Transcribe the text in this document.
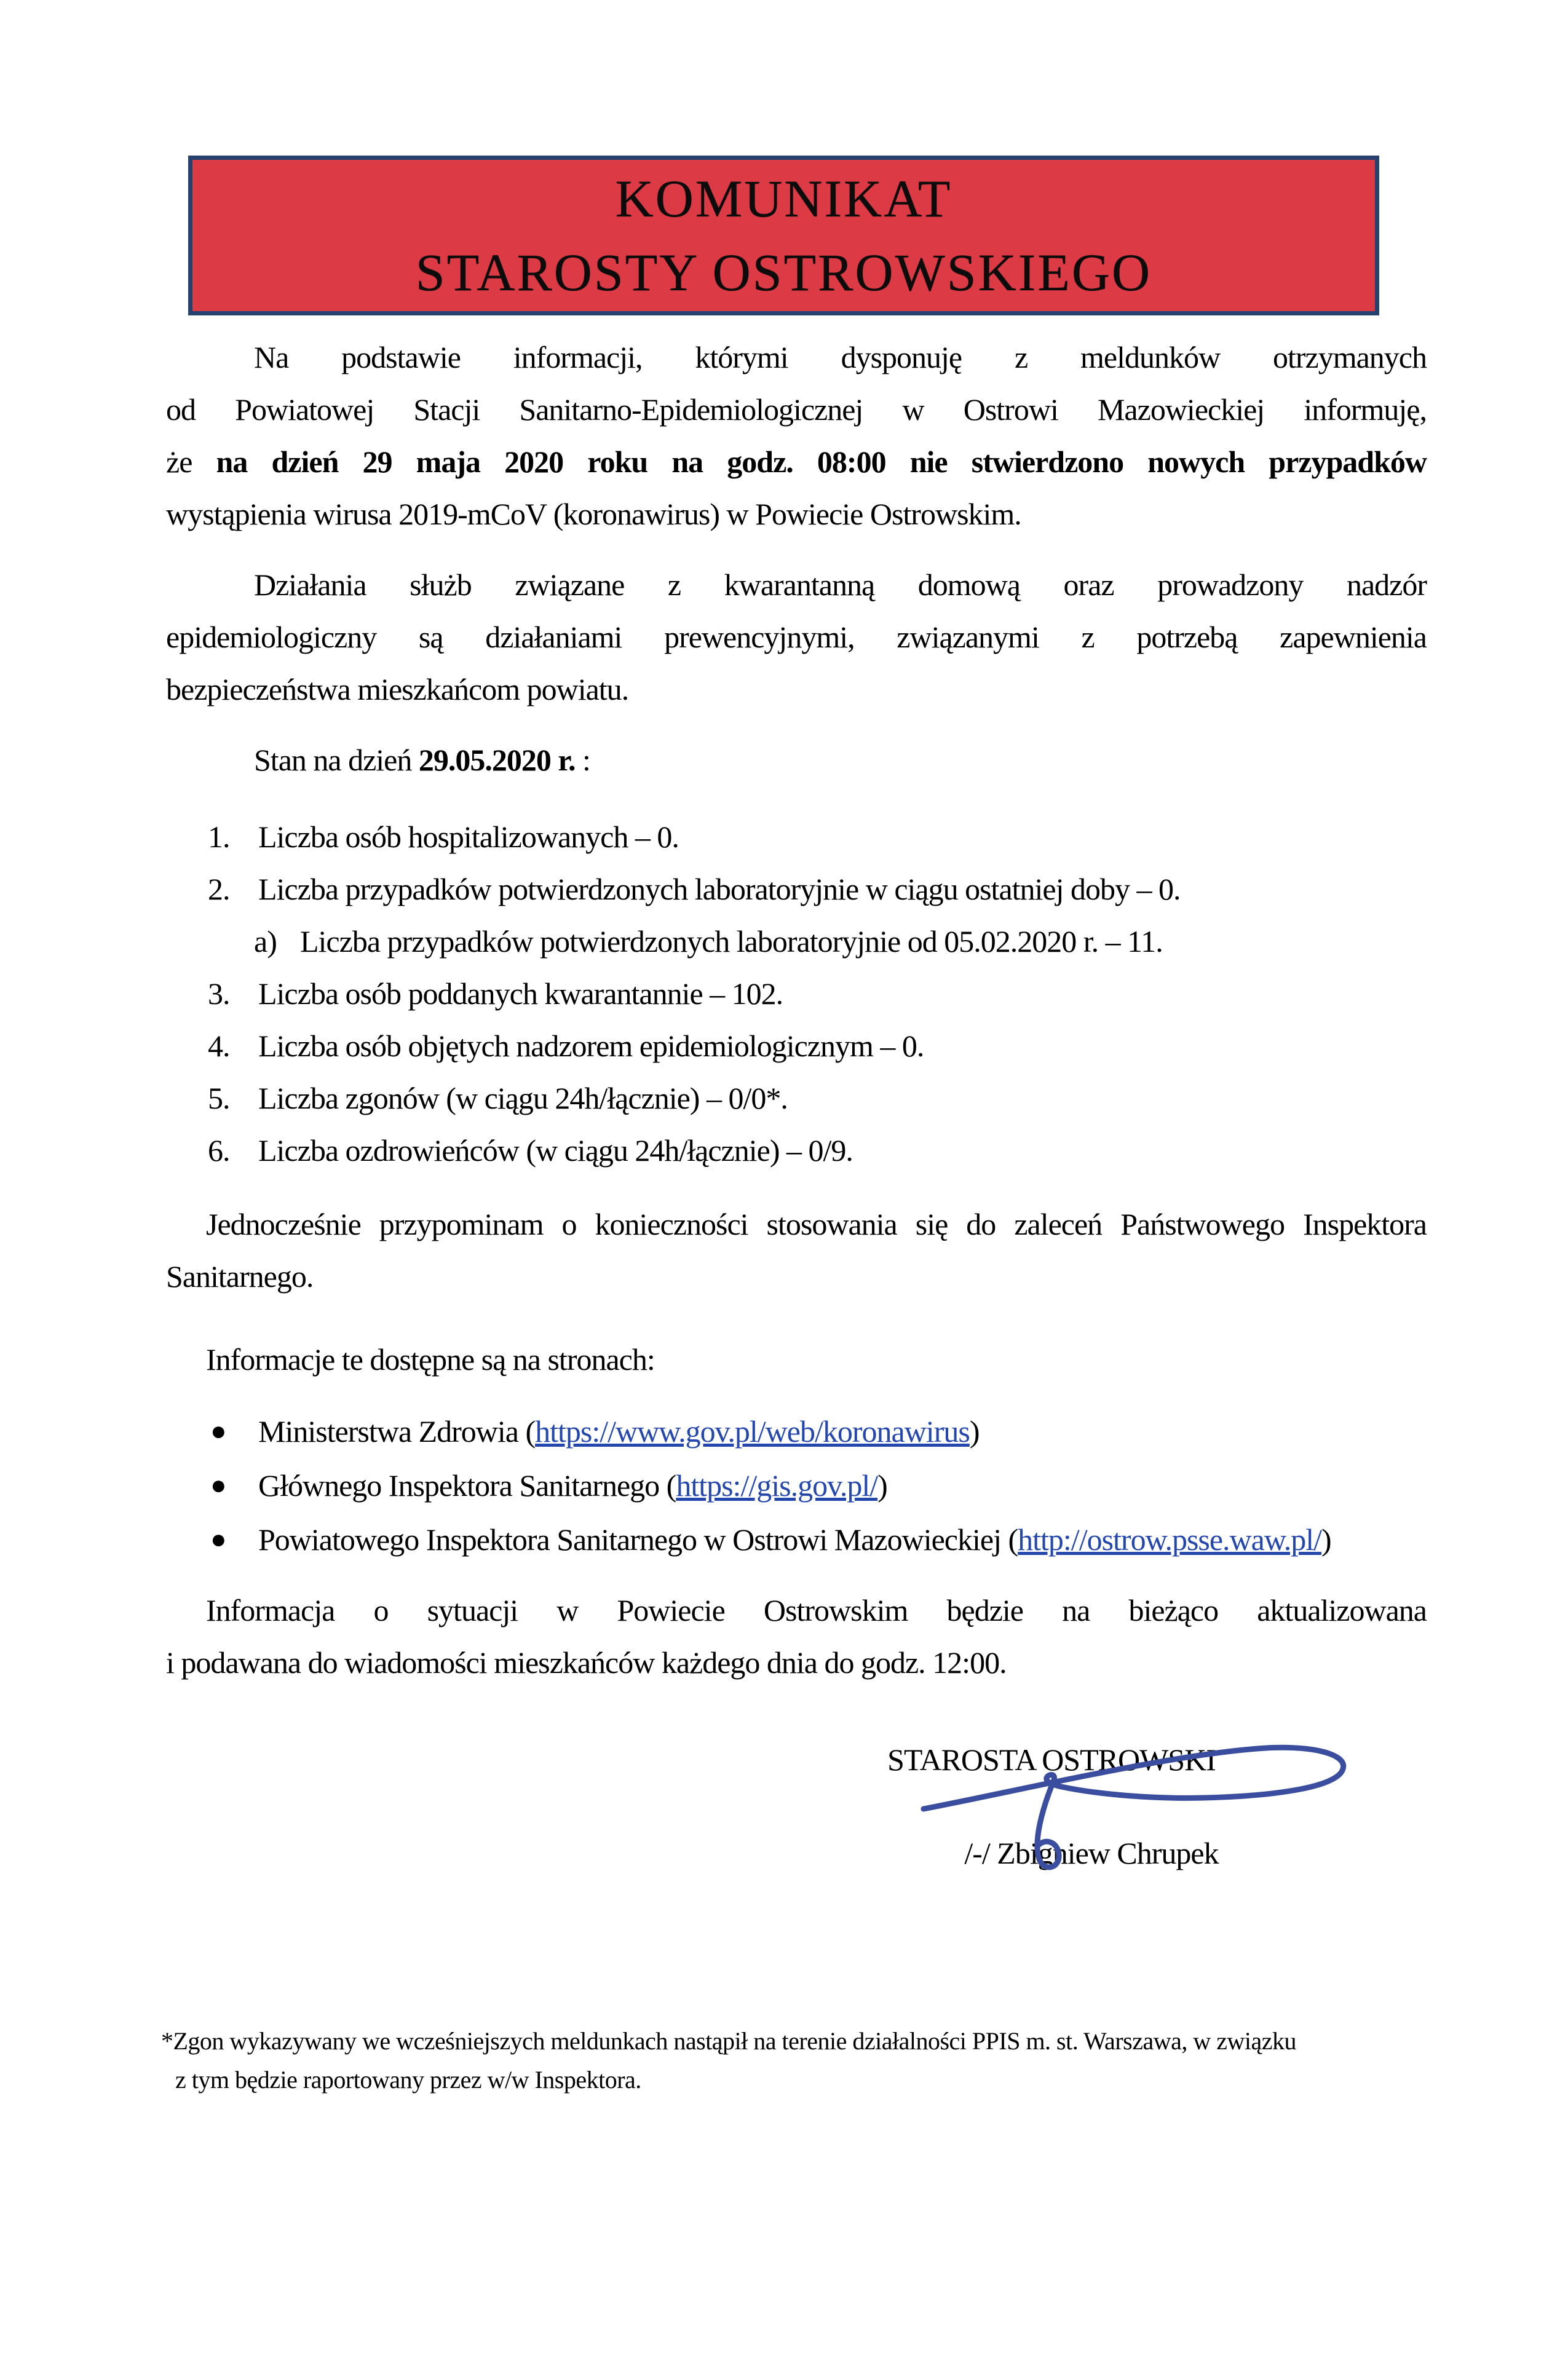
KOMUNIKAT
STAROSTY OSTROWSKIEGO
Na podstawie informacji, którymi dysponuję z meldunków otrzymanych
od Powiatowej Stacji Sanitarno-Epidemiologicznej w Ostrowi Mazowieckiej informuję,
że na dzień 29 maja 2020 roku na godz. 08:00 nie stwierdzono nowych przypadków
wystąpienia wirusa 2019-mCoV (koronawirus) w Powiecie Ostrowskim.
Działania służb związane z kwarantanną domową oraz prowadzony nadzór
epidemiologiczny są działaniami prewencyjnymi, związanymi z potrzebą zapewnienia
bezpieczeństwa mieszkańcom powiatu.
Stan na dzień 29.05.2020 r. :
1. Liczba osób hospitalizowanych – 0.
2. Liczba przypadków potwierdzonych laboratoryjnie w ciągu ostatniej doby – 0.
a) Liczba przypadków potwierdzonych laboratoryjnie od 05.02.2020 r. – 11.
3. Liczba osób poddanych kwarantannie – 102.
4. Liczba osób objętych nadzorem epidemiologicznym – 0.
5. Liczba zgonów (w ciągu 24h/łącznie) – 0/0*.
6. Liczba ozdrowieńców (w ciągu 24h/łącznie) – 0/9.
Jednocześnie przypominam o konieczności stosowania się do zaleceń Państwowego Inspektora
Sanitarnego.
Informacje te dostępne są na stronach:
●	Ministerstwa Zdrowia (https://www.gov.pl/web/koronawirus)
●	Głównego Inspektora Sanitarnego (https://gis.gov.pl/)
●	Powiatowego Inspektora Sanitarnego w Ostrowi Mazowieckiej (http://ostrow.psse.waw.pl/)
Informacja o sytuacji w Powiecie Ostrowskim będzie na bieżąco aktualizowana
i podawana do wiadomości mieszkańców każdego dnia do godz. 12:00.
STAROSTA OSTROWSKI
/-/ Zbigniew Chrupek
*Zgon wykazywany we wcześniejszych meldunkach nastąpił na terenie działalności PPIS m. st. Warszawa, w związku
z tym będzie raportowany przez w/w Inspektora.
